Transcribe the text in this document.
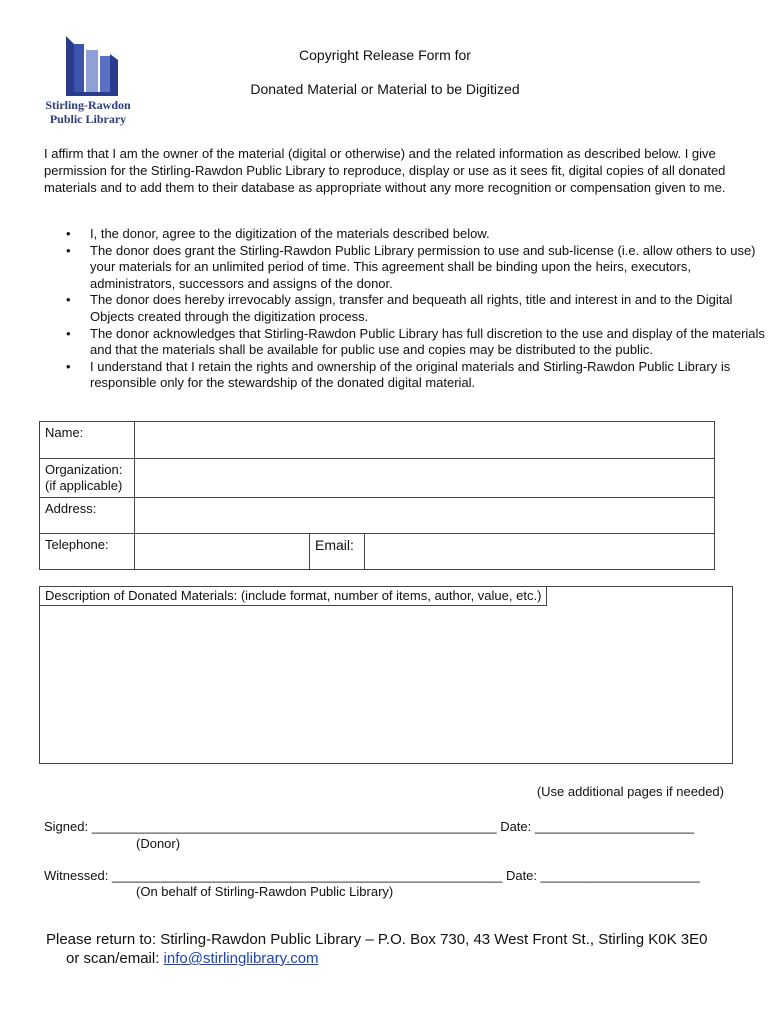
Stirling-Rawdon
Public Library
Copyright Release Form for
Donated Material or Material to be Digitized
I affirm that I am the owner of the material (digital or otherwise) and the related information as described below. I give permission for the Stirling-Rawdon Public Library to reproduce, display or use as it sees fit, digital copies of all donated materials and to add them to their database as appropriate without any more recognition or compensation given to me.
• I, the donor, agree to the digitization of the materials described below.
• The donor does grant the Stirling-Rawdon Public Library permission to use and sub-license (i.e. allow others to use) your materials for an unlimited period of time. This agreement shall be binding upon the heirs, executors, administrators, successors and assigns of the donor.
• The donor does hereby irrevocably assign, transfer and bequeath all rights, title and interest in and to the Digital Objects created through the digitization process.
• The donor acknowledges that Stirling-Rawdon Public Library has full discretion to the use and display of the materials and that the materials shall be available for public use and copies may be distributed to the public.
• I understand that I retain the rights and ownership of the original materials and Stirling-Rawdon Public Library is responsible only for the stewardship of the donated digital material.
Name:			

Organization:
(if applicable)			

Address:			
Telephone:		Email:	
Description of Donated Materials: (include format, number of items, author, value, etc.)
(Use additional pages if needed)
Signed: ________________________________________________________ Date: ______________________
(Donor)
Witnessed: ______________________________________________________ Date: ______________________
(On behalf of Stirling-Rawdon Public Library)
Please return to: Stirling-Rawdon Public Library – P.O. Box 730, 43 West Front St., Stirling K0K 3E0
or scan/email: info@stirlinglibrary.com
